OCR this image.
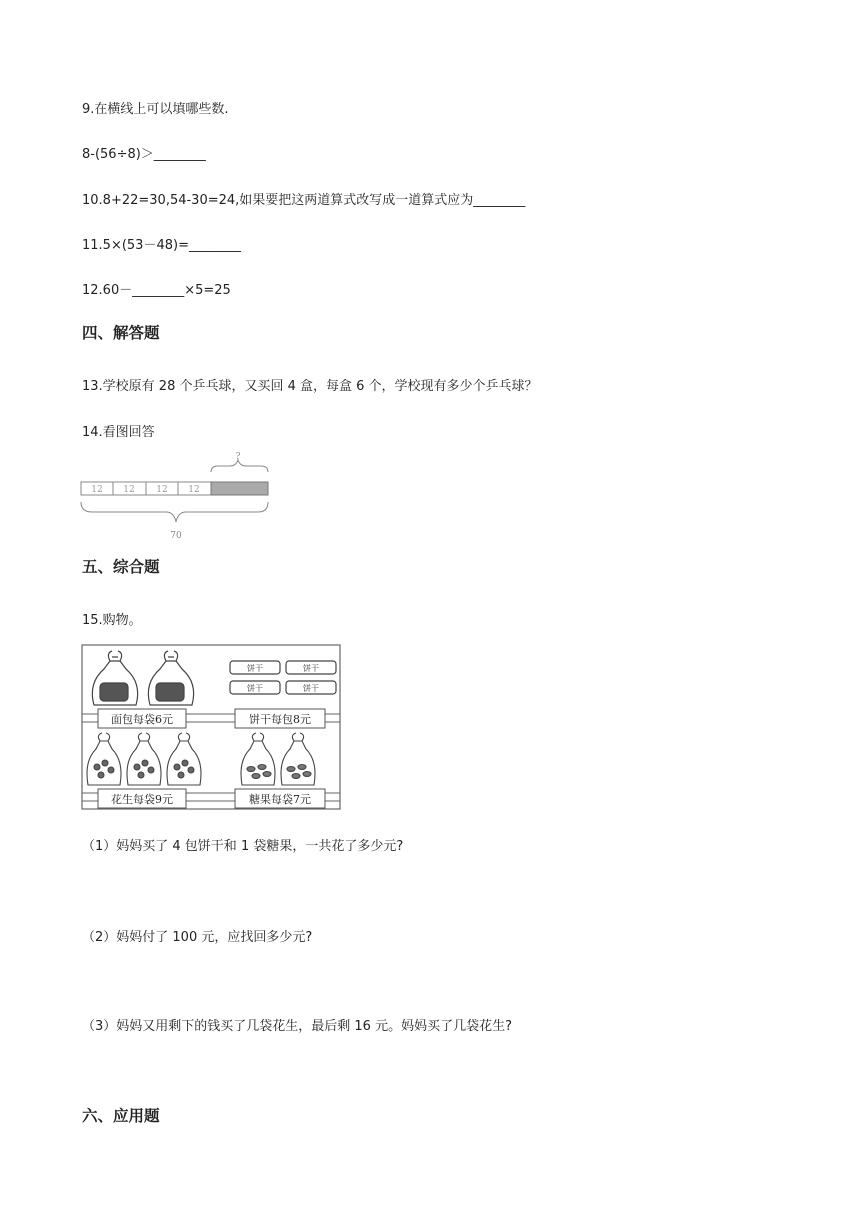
9.在横线上可以填哪些数.
8-(56÷8)＞________
10.8+22=30,54-30=24,如果要把这两道算式改写成一道算式应为________
11.5×(53－48)=________
12.60－________×5=25
四、解答题
13.学校原有 28 个乒乓球，又买回 4 盒，每盒 6 个，学校现有多少个乒乓球？
14.看图回答
?
12 12 12 12
70
五、综合题
15.购物。
饼干	饼干
饼干	饼干
面包每袋6元	饼干每包8元
花生每袋9元	糖果每袋7元
（1）妈妈买了 4 包饼干和 1 袋糖果，一共花了多少元?
（2）妈妈付了 100 元，应找回多少元?
（3）妈妈又用剩下的钱买了几袋花生，最后剩 16 元。妈妈买了几袋花生?
六、应用题
